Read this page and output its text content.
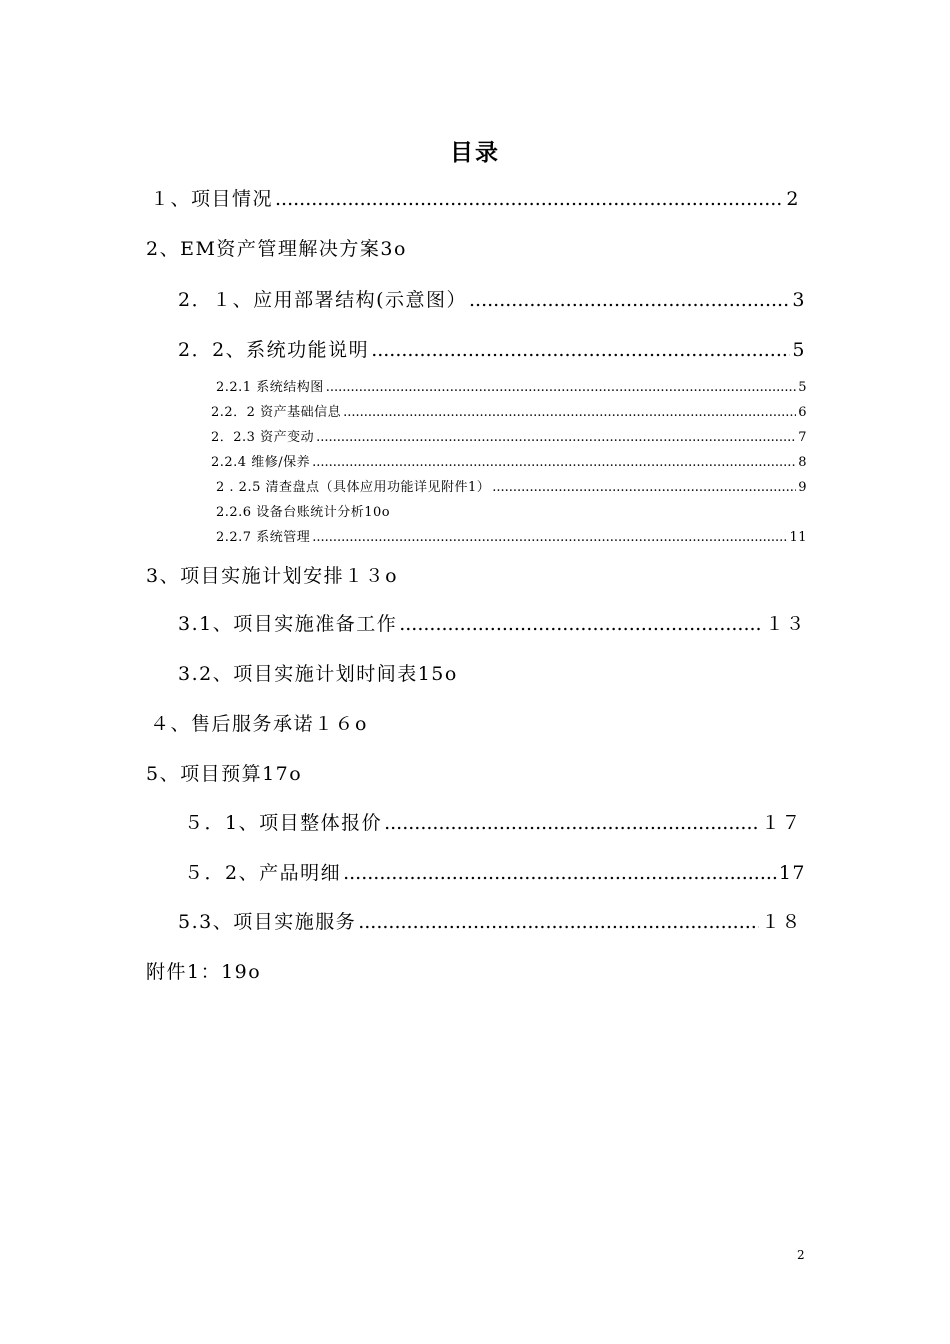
目录
１、项目情况 .....	2
2、EM资产管理解决方案3o
2．１、应用部署结构(示意图） .....	3
2．2、系统功能说明 .....	5
2.2.1 系统结构图 .....	5
2.2．2 资产基础信息 .....	6
2．2.3 资产变动 .....	7
2.2.4 维修/保养 .....	8
2 . 2.5 清查盘点（具体应用功能详见附件1） .....	9
2.2.6 设备台账统计分析10o
2.2.7 系统管理 .....	11
3、项目实施计划安排１３o
3.1、项目实施准备工作 .....	１３
3.2、项目实施计划时间表15o
４、售后服务承诺１６o
5、项目预算17o
５．1、项目整体报价 .....	１７
５．2、产品明细 .....	17
5.3、项目实施服务 .....	１８
附件1：19o
2
